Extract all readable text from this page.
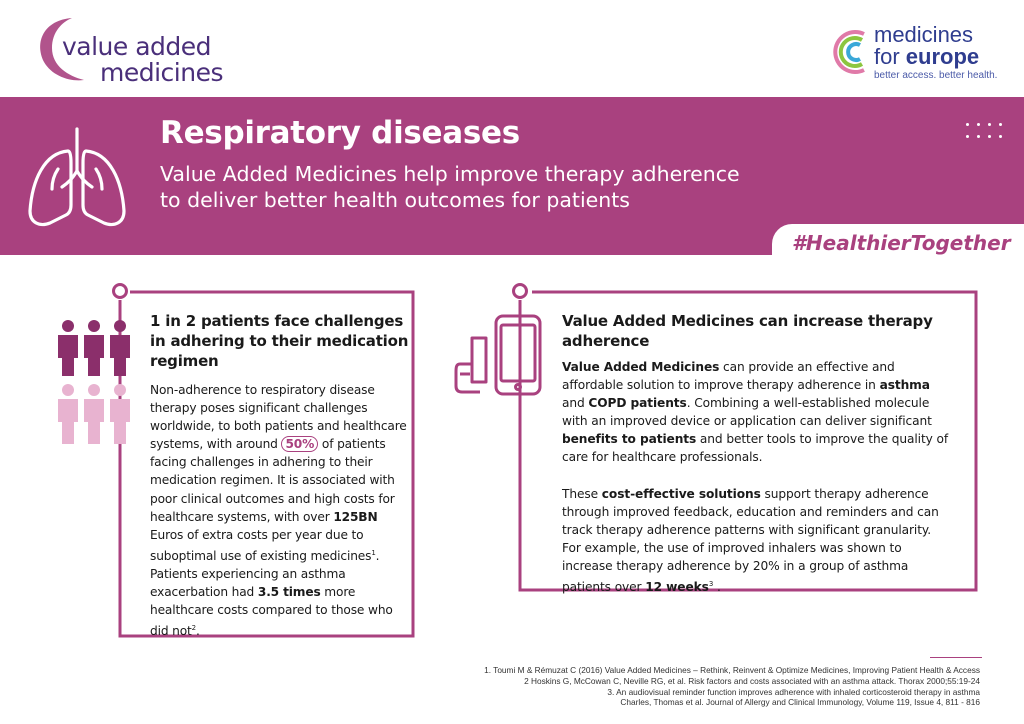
value added
medicines
medicines
for europe
better access. better health.
Respiratory diseases
Value Added Medicines help improve therapy adherence to deliver better health outcomes for patients
#HealthierTogether
1 in 2 patients face challenges in adhering to their medication regimen
Non-adherence to respiratory disease therapy poses significant challenges worldwide, to both patients and healthcare systems, with around 50% of patients facing challenges in adhering to their medication regimen. It is associated with poor clinical outcomes and high costs for healthcare systems, with over 125BN Euros of extra costs per year due to suboptimal use of existing medicines$^1$. Patients experiencing an asthma exacerbation had 3.5 times more healthcare costs compared to those who did not$^2$.
Value Added Medicines can increase therapy adherence

Value Added Medicines can provide an effective and affordable solution to improve therapy adherence in asthma and COPD patients. Combining a well-established molecule with an improved device or application can deliver significant benefits to patients and better tools to improve the quality of care for healthcare professionals.

These cost-effective solutions support therapy adherence through improved feedback, education and reminders and can track therapy adherence patterns with significant granularity. For example, the use of improved inhalers was shown to increase therapy adherence by 20% in a group of asthma patients over 12 weeks$^3$ .

1. Toumi M & Rémuzat C (2016) Value Added Medicines – Rethink, Reinvent & Optimize Medicines, Improving Patient Health & Access
2 Hoskins G, McCowan C, Neville RG, et al. Risk factors and costs associated with an asthma attack. Thorax 2000;55:19-24
3. An audiovisual reminder function improves adherence with inhaled corticosteroid therapy in asthma
Charles, Thomas et al. Journal of Allergy and Clinical Immunology, Volume 119, Issue 4, 811 - 816
